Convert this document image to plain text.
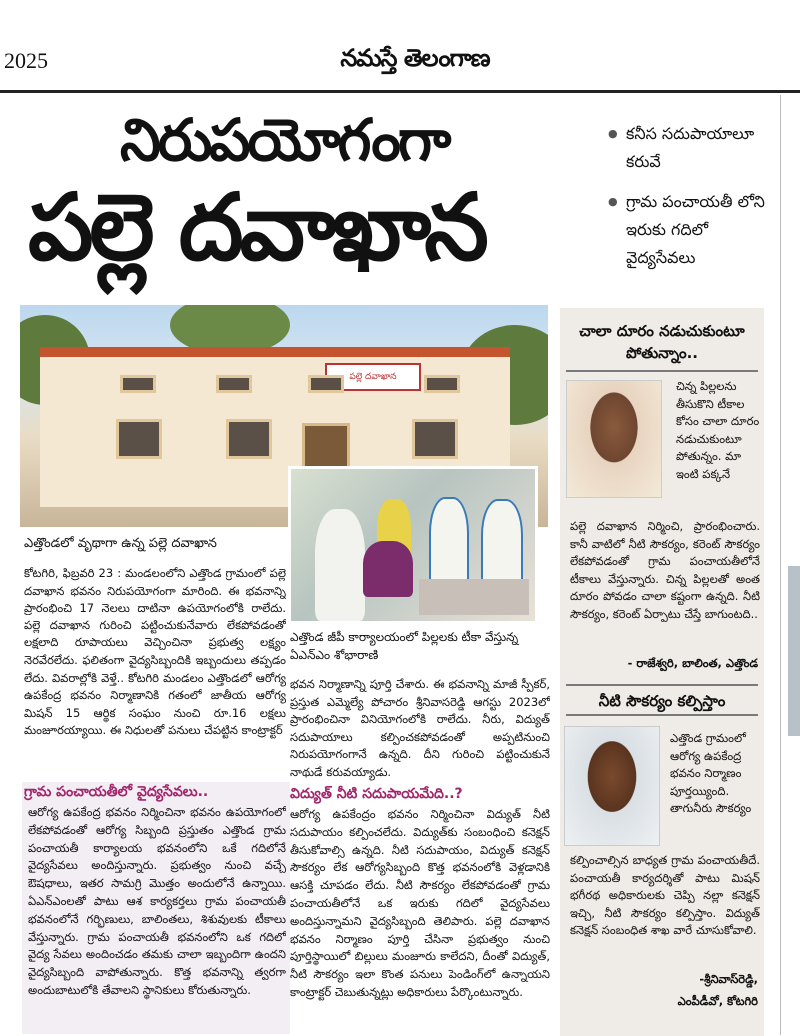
2025	నమస్తే తెలంగాణ
నిరుపయోగంగా
పల్లె దవాఖాన
● కనీస సదుపాయాలూ కరువే
● గ్రామ పంచాయతీ లోని ఇరుకు గదిలో వైద్యసేవలు
పల్లె దవాఖాన
ఎత్తొండలో వృథాగా ఉన్న పల్లె దవాఖాన
ఎత్తొండ జీపీ కార్యాలయంలో పిల్లలకు టీకా వేస్తున్న ఏఎన్‌ఎం శోభారాణి
కోటగిరి, ఫిబ్రవరి 23 : మండలంలోని ఎత్తొండ గ్రామంలో పల్లె దవాఖాన భవనం నిరుపయోగంగా మారింది. ఈ భవనాన్ని ప్రారంభించి 17 నెలలు దాటినా ఉపయోగంలోకి రాలేదు.
పల్లె దవాఖాన గురించి పట్టించుకునేవారు లేకపోవడంతో లక్షలాది రూపాయలు వెచ్చించినా ప్రభుత్వ లక్ష్యం నెరవేరలేదు. ఫలితంగా వైద్యసిబ్బందికి ఇబ్బందులు తప్పడం లేదు. వివరాల్లోకి వెళ్తే.. కోటగిరి మండలం ఎత్తొండలో ఆరోగ్య ఉపకేంద్ర భవనం నిర్మాణానికి గతంలో జాతీయ ఆరోగ్య మిషన్ 15 ఆర్థిక సంఘం నుంచి రూ.16 లక్షలు మంజూరయ్యాయి. ఈ నిధులతో పనులు చేపట్టిన కాంట్రాక్టర్
భవన నిర్మాణాన్ని పూర్తి చేశారు. ఈ భవనాన్ని మాజీ స్పీకర్, ప్రస్తుత ఎమ్మెల్యే పోచారం శ్రీనివాసరెడ్డి ఆగస్టు 2023లో ప్రారంభించినా వినియోగంలోకి రాలేదు. నీరు, విద్యుత్ సదుపాయాలు కల్పించకపోవడంతో అప్పటినుంచి నిరుపయోగంగానే ఉన్నది. దీని గురించి పట్టించుకునే నాథుడే కరువయ్యాడు.
గ్రామ పంచాయతీలో వైద్యసేవలు..
ఆరోగ్య ఉపకేంద్ర భవనం నిర్మించినా భవనం ఉపయోగంలో లేకపోవడంతో ఆరోగ్య సిబ్బంది ప్రస్తుతం ఎత్తొండ గ్రామ పంచాయతీ కార్యాలయ భవనంలోని ఒకే గదిలోనే వైద్యసేవలు అందిస్తున్నారు. ప్రభుత్వం నుంచి వచ్చే ఔషధాలు, ఇతర సామగ్రి మొత్తం అందులోనే ఉన్నాయి. ఏఎన్‌ఎంలతో పాటు ఆశ కార్యకర్తలు గ్రామ పంచాయతీ భవనంలోనే గర్భిణులు, బాలింతలు, శిశువులకు టీకాలు వేస్తున్నారు. గ్రామ పంచాయతీ భవనంలోని ఒక గదిలో వైద్య సేవలు అందించడం తమకు చాలా ఇబ్బందిగా ఉందని వైద్యసిబ్బంది వాపోతున్నారు. కొత్త భవనాన్ని త్వరగా అందుబాటులోకి తేవాలని స్థానికులు కోరుతున్నారు.
విద్యుత్ నీటి సదుపాయమేది..?
ఆరోగ్య ఉపకేంద్రం భవనం నిర్మించినా విద్యుత్ నీటి సదుపాయం కల్పించలేదు. విద్యుత్‌కు సంబంధించి కనెక్షన్ తీసుకోవాల్సి ఉన్నది. నీటి సదుపాయం, విద్యుత్ కనెక్షన్ సౌకర్యం లేక ఆరోగ్యసిబ్బంది కొత్త భవనంలోకి వెళ్లడానికి ఆసక్తి చూపడం లేదు. నీటి సౌకర్యం లేకపోవడంతో గ్రామ పంచాయతీలోనే ఒక ఇరుకు గదిలో వైద్యసేవలు అందిస్తున్నామని వైద్యసిబ్బంది తెలిపారు. పల్లె దవాఖాన భవనం నిర్మాణం పూర్తి చేసినా ప్రభుత్వం నుంచి పూర్తిస్థాయిలో బిల్లులు మంజూరు కాలేదని, దీంతో విద్యుత్, నీటి సౌకర్యం ఇలా కొంత పనులు పెండింగ్‌లో ఉన్నాయని కాంట్రాక్టర్ చెబుతున్నట్లు అధికారులు పేర్కొంటున్నారు.
చాలా దూరం నడుచుకుంటూ పోతున్నాం..
చిన్న పిల్లలను తీసుకొని టీకాల కోసం చాలా దూరం నడుచుకుంటూ పోతున్నం. మా ఇంటి పక్కనే
పల్లె దవాఖాన నిర్మించి, ప్రారంభించారు. కానీ వాటిలో నీటి సౌకర్యం, కరెంట్ సౌకర్యం లేకపోవడంతో గ్రామ పంచాయతీలోనే టీకాలు వేస్తున్నారు. చిన్న పిల్లలతో అంత దూరం పోవడం చాలా కష్టంగా ఉన్నది. నీటి సౌకర్యం, కరెంట్ ఏర్పాటు చేస్తే బాగుంటది..
- రాజేశ్వరి, బాలింత, ఎత్తొండ
నీటి సౌకర్యం కల్పిస్తాం
ఎత్తొండ గ్రామంలో ఆరోగ్య ఉపకేంద్ర భవనం నిర్మాణం పూర్తయ్యింది. తాగునీరు సౌకర్యం
కల్పించాల్సిన బాధ్యత గ్రామ పంచాయతీదే. పంచాయతీ కార్యదర్శితో పాటు మిషన్ భగీరథ అధికారులకు చెప్పి నల్లా కనెక్షన్ ఇచ్చి, నీటి సౌకర్యం కల్పిస్తాం. విద్యుత్ కనెక్షన్ సంబంధిత శాఖ వారే చూసుకోవాలి.
-శ్రీనివాస్‌రెడ్డి,
ఎంపీడీవో, కోటగిరి
